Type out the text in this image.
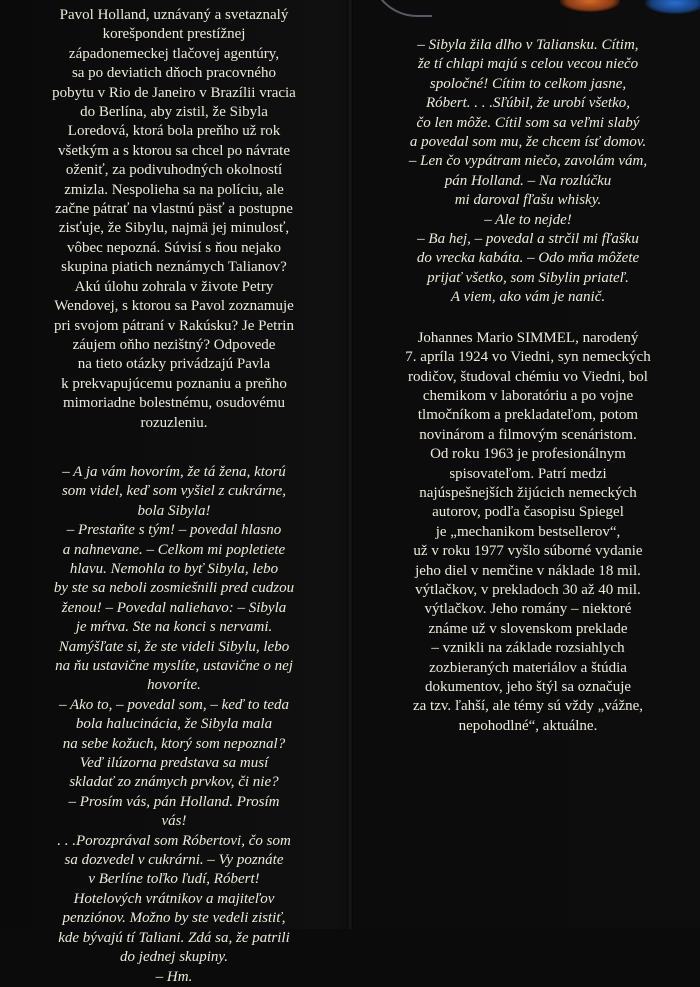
Pavol Holland, uznávaný a svetaznalý
korešpondent prestížnej
západonemeckej tlačovej agentúry,
sa po deviatich dňoch pracovného
pobytu v Rio de Janeiro v Brazílii vracia
do Berlína, aby zistil, že Sibyla
Loredová, ktorá bola preňho už rok
všetkým a s ktorou sa chcel po návrate
oženiť, za podivuhodných okolností
zmizla. Nespolieha sa na políciu, ale
začne pátrať na vlastnú päsť a postupne
zisťuje, že Sibylu, najmä jej minulosť,
vôbec nepozná. Súvisí s ňou nejako
skupina piatich neznámych Talianov?
Akú úlohu zohrala v živote Petry
Wendovej, s ktorou sa Pavol zoznamuje
pri svojom pátraní v Rakúsku? Je Petrin
záujem oňho nezištný? Odpovede
na tieto otázky privádzajú Pavla
k prekvapujúcemu poznaniu a preňho
mimoriadne bolestnému, osudovému
rozuzleniu.
– A ja vám hovorím, že tá žena, ktorú
som videl, keď som vyšiel z cukrárne,
bola Sibyla!
– Prestaňte s tým! – povedal hlasno
a nahnevane. – Celkom mi popletiete
hlavu. Nemohla to byť Sibyla, lebo
by ste sa neboli zosmiešnili pred cudzou
ženou! – Povedal naliehavo: – Sibyla
je mŕtva. Ste na konci s nervami.
Namýšľate si, že ste videli Sibylu, lebo
na ňu ustavične myslíte, ustavične o nej
hovoríte.
– Ako to, – povedal som, – keď to teda
bola halucinácia, že Sibyla mala
na sebe kožuch, ktorý som nepoznal?
Veď ilúzorna predstava sa musí
skladať zo známych prvkov, či nie?
– Prosím vás, pán Holland. Prosím
vás!
. . .Porozprával som Róbertovi, čo som
sa dozvedel v cukrárni. – Vy poznáte
v Berlíne toľko ľudí, Róbert!
Hotelových vrátnikov a majiteľov
penziónov. Možno by ste vedeli zistiť,
kde bývajú tí Taliani. Zdá sa, že patrili
do jednej skupiny.
– Hm.
– Sibyla žila dlho v Taliansku. Cítim,
že tí chlapi majú s celou vecou niečo
spoločné! Cítim to celkom jasne,
Róbert. . . .Sľúbil, že urobí všetko,
čo len môže. Cítil som sa veľmi slabý
a povedal som mu, že chcem ísť domov.
– Len čo vypátram niečo, zavolám vám,
pán Holland. – Na rozlúčku
mi daroval fľašu whisky.
– Ale to nejde!
– Ba hej, – povedal a strčil mi fľašku
do vrecka kabáta. – Odo mňa môžete
prijať všetko, som Sibylin priateľ.
A viem, ako vám je nanič.
Johannes Mario SIMMEL, narodený
7. apríla 1924 vo Viedni, syn nemeckých
rodičov, študoval chémiu vo Viedni, bol
chemikom v laboratóriu a po vojne
tlmočníkom a prekladateľom, potom
novinárom a filmovým scenáristom.
Od roku 1963 je profesionálnym
spisovateľom. Patrí medzi
najúspešnejších žijúcich nemeckých
autorov, podľa časopisu Spiegel
je „mechanikom bestsellerov“,
už v roku 1977 vyšlo súborné vydanie
jeho diel v nemčine v náklade 18 mil.
výtlačkov, v prekladoch 30 až 40 mil.
výtlačkov. Jeho romány – niektoré
známe už v slovenskom preklade
– vznikli na základe rozsiahlych
zozbieraných materiálov a štúdia
dokumentov, jeho štýl sa označuje
za tzv. ľahší, ale témy sú vždy „vážne,
nepohodlné“, aktuálne.
